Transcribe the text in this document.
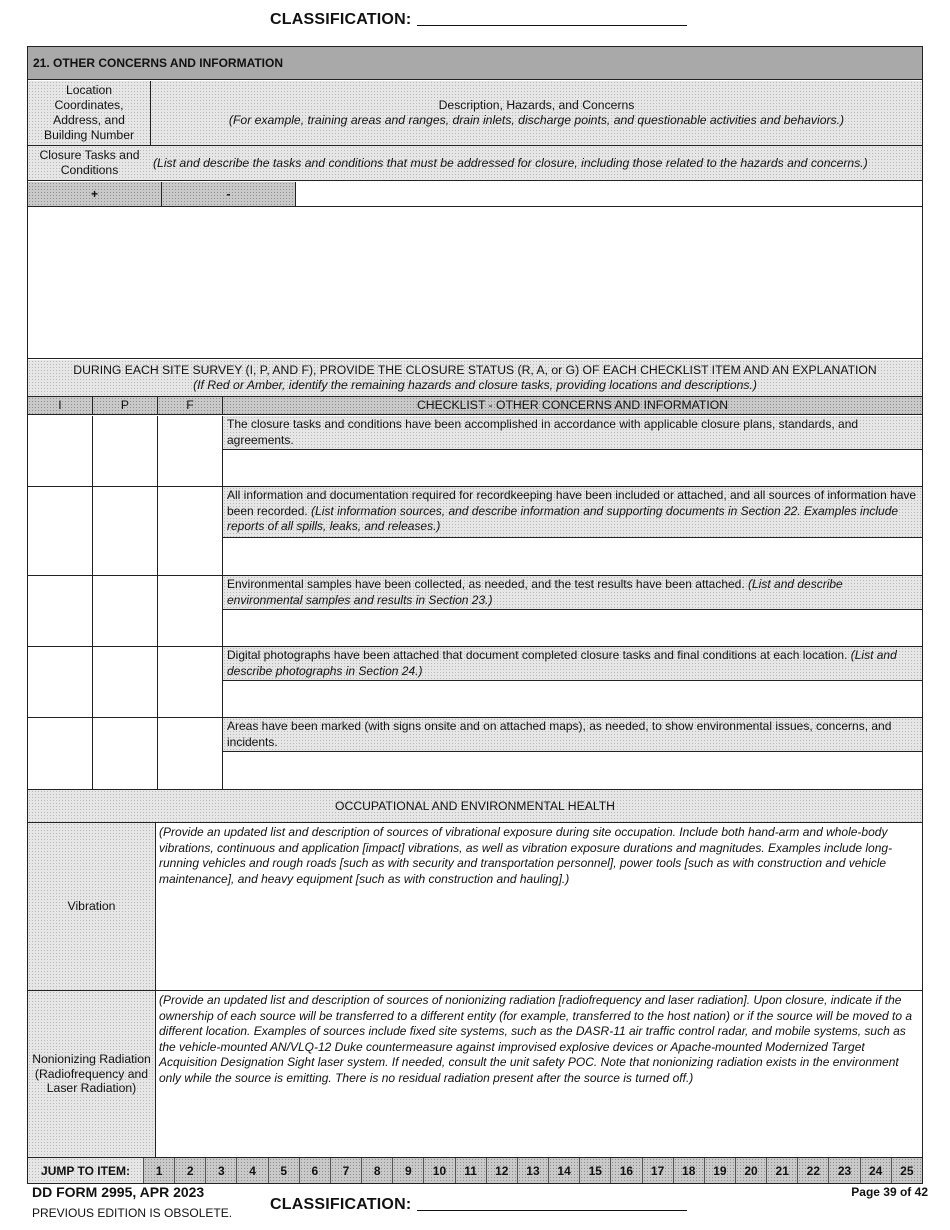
CLASSIFICATION:
21. OTHER CONCERNS AND INFORMATION
Location Coordinates, Address, and Building Number
Description, Hazards, and Concerns
(For example, training areas and ranges, drain inlets, discharge points, and questionable activities and behaviors.)
Closure Tasks and Conditions
(List and describe the tasks and conditions that must be addressed for closure, including those related to the hazards and concerns.)
+	-
DURING EACH SITE SURVEY (I, P, AND F), PROVIDE THE CLOSURE STATUS (R, A, or G) OF EACH CHECKLIST ITEM AND AN EXPLANATION
(If Red or Amber, identify the remaining hazards and closure tasks, providing locations and descriptions.)
I	P	F	CHECKLIST - OTHER CONCERNS AND INFORMATION
The closure tasks and conditions have been accomplished in accordance with applicable closure plans, standards, and agreements.
All information and documentation required for recordkeeping have been included or attached, and all sources of information have been recorded. (List information sources, and describe information and supporting documents in Section 22. Examples include reports of all spills, leaks, and releases.)
Environmental samples have been collected, as needed, and the test results have been attached. (List and describe environmental samples and results in Section 23.)
Digital photographs have been attached that document completed closure tasks and final conditions at each location. (List and describe photographs in Section 24.)
Areas have been marked (with signs onsite and on attached maps), as needed, to show environmental issues, concerns, and incidents.
OCCUPATIONAL AND ENVIRONMENTAL HEALTH
Vibration
(Provide an updated list and description of sources of vibrational exposure during site occupation. Include both hand-arm and whole-body vibrations, continuous and application [impact] vibrations, as well as vibration exposure durations and magnitudes. Examples include long-running vehicles and rough roads [such as with security and transportation personnel], power tools [such as with construction and vehicle maintenance], and heavy equipment [such as with construction and hauling].)
Nonionizing Radiation (Radiofrequency and Laser Radiation)
(Provide an updated list and description of sources of nonionizing radiation [radiofrequency and laser radiation]. Upon closure, indicate if the ownership of each source will be transferred to a different entity (for example, transferred to the host nation) or if the source will be moved to a different location. Examples of sources include fixed site systems, such as the DASR-11 air traffic control radar, and mobile systems, such as the vehicle-mounted AN/VLQ-12 Duke countermeasure against improvised explosive devices or Apache-mounted Modernized Target Acquisition Designation Sight laser system. If needed, consult the unit safety POC. Note that nonionizing radiation exists in the environment only while the source is emitting. There is no residual radiation present after the source is turned off.)
JUMP TO ITEM:	1	2	3	4	5	6	7	8	9	10	11	12	13	14	15	16	17	18	19	20	21	22	23	24	25
DD FORM 2995, APR 2023
PREVIOUS EDITION IS OBSOLETE.
Page 39 of 42
CLASSIFICATION:
